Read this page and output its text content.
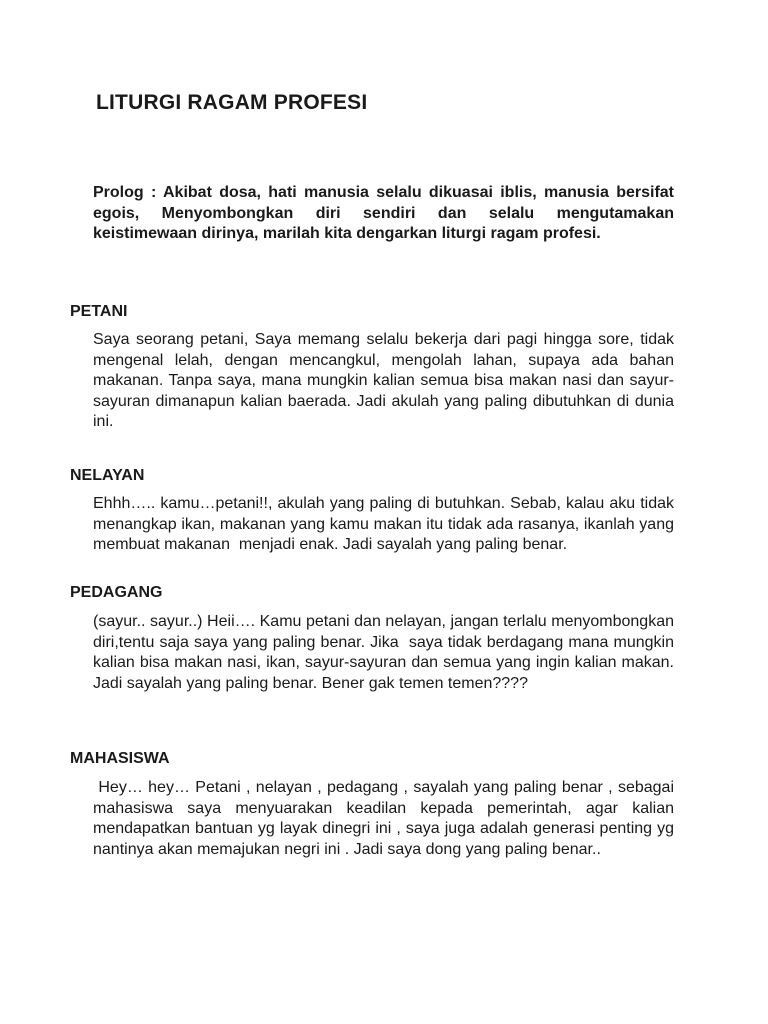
LITURGI RAGAM PROFESI

Prolog : Akibat dosa, hati manusia selalu dikuasai iblis, manusia bersifat egois, Menyombongkan diri sendiri dan selalu mengutamakan keistimewaan dirinya, marilah kita dengarkan liturgi ragam profesi.

PETANI

Saya seorang petani, Saya memang selalu bekerja dari pagi hingga sore, tidak mengenal lelah, dengan mencangkul, mengolah lahan, supaya ada bahan makanan. Tanpa saya, mana mungkin kalian semua bisa makan nasi dan sayur-sayuran dimanapun kalian baerada. Jadi akulah yang paling dibutuhkan di dunia ini.

NELAYAN

Ehhh….. kamu…petani!!, akulah yang paling di butuhkan. Sebab, kalau aku tidak menangkap ikan, makanan yang kamu makan itu tidak ada rasanya, ikanlah yang membuat makanan  menjadi enak. Jadi sayalah yang paling benar.

PEDAGANG

(sayur.. sayur..) Heii…. Kamu petani dan nelayan, jangan terlalu menyombongkan diri,tentu saja saya yang paling benar. Jika  saya tidak berdagang mana mungkin kalian bisa makan nasi, ikan, sayur-sayuran dan semua yang ingin kalian makan. Jadi sayalah yang paling benar. Bener gak temen temen????

MAHASISWA

Hey… hey… Petani , nelayan , pedagang , sayalah yang paling benar , sebagai mahasiswa saya menyuarakan keadilan kepada pemerintah, agar kalian mendapatkan bantuan yg layak dinegri ini , saya juga adalah generasi penting yg nantinya akan memajukan negri ini . Jadi saya dong yang paling benar..
